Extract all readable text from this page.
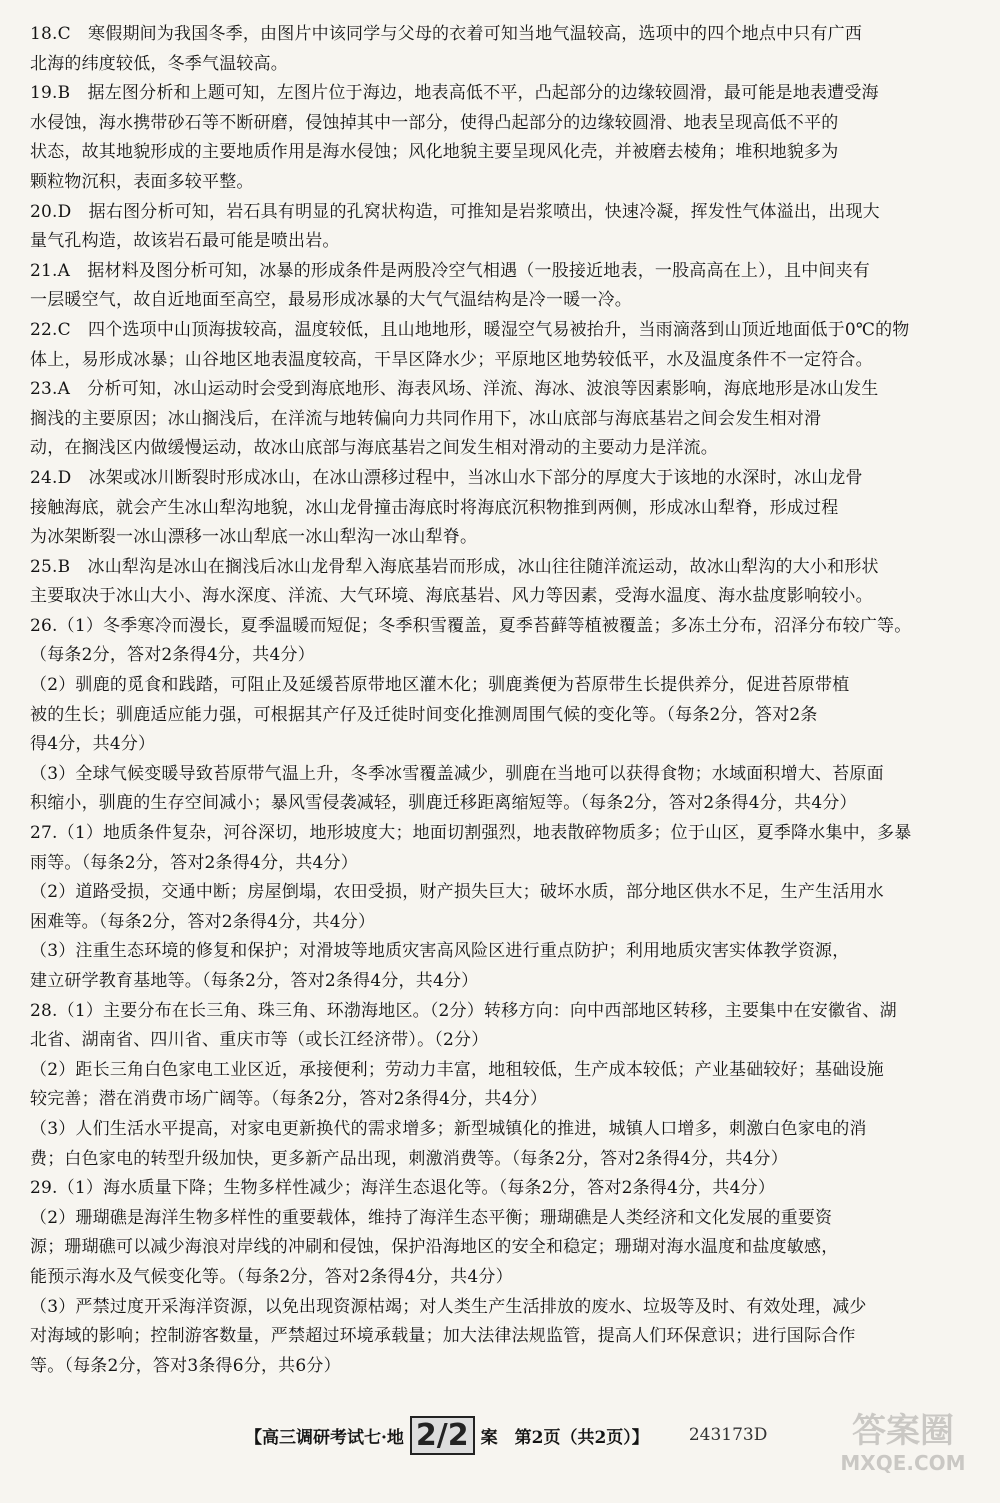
18.C　寒假期间为我国冬季，由图片中该同学与父母的衣着可知当地气温较高，选项中的四个地点中只有广西

北海的纬度较低，冬季气温较高。

19.B　据左图分析和上题可知，左图片位于海边，地表高低不平，凸起部分的边缘较圆滑，最可能是地表遭受海

水侵蚀，海水携带砂石等不断研磨，侵蚀掉其中一部分，使得凸起部分的边缘较圆滑、地表呈现高低不平的

状态，故其地貌形成的主要地质作用是海水侵蚀；风化地貌主要呈现风化壳，并被磨去棱角；堆积地貌多为

颗粒物沉积，表面多较平整。

20.D　据右图分析可知，岩石具有明显的孔窝状构造，可推知是岩浆喷出，快速冷凝，挥发性气体溢出，出现大

量气孔构造，故该岩石最可能是喷出岩。

21.A　据材料及图分析可知，冰暴的形成条件是两股冷空气相遇（一股接近地表，一股高高在上），且中间夹有

一层暖空气，故自近地面至高空，最易形成冰暴的大气气温结构是冷一暖一冷。

22.C　四个选项中山顶海拔较高，温度较低，且山地地形，暖湿空气易被抬升，当雨滴落到山顶近地面低于0℃的物

体上，易形成冰暴；山谷地区地表温度较高，干旱区降水少；平原地区地势较低平，水及温度条件不一定符合。

23.A　分析可知，冰山运动时会受到海底地形、海表风场、洋流、海冰、波浪等因素影响，海底地形是冰山发生

搁浅的主要原因；冰山搁浅后，在洋流与地转偏向力共同作用下，冰山底部与海底基岩之间会发生相对滑

动，在搁浅区内做缓慢运动，故冰山底部与海底基岩之间发生相对滑动的主要动力是洋流。

24.D　冰架或冰川断裂时形成冰山，在冰山漂移过程中，当冰山水下部分的厚度大于该地的水深时，冰山龙骨

接触海底，就会产生冰山犁沟地貌，冰山龙骨撞击海底时将海底沉积物推到两侧，形成冰山犁脊，形成过程

为冰架断裂一冰山漂移一冰山犁底一冰山犁沟一冰山犁脊。

25.B　冰山犁沟是冰山在搁浅后冰山龙骨犁入海底基岩而形成，冰山往往随洋流运动，故冰山犁沟的大小和形状

主要取决于冰山大小、海水深度、洋流、大气环境、海底基岩、风力等因素，受海水温度、海水盐度影响较小。

26.（1）冬季寒冷而漫长，夏季温暖而短促；冬季积雪覆盖，夏季苔藓等植被覆盖；多冻土分布，沼泽分布较广等。

（每条2分，答对2条得4分，共4分）

（2）驯鹿的觅食和践踏，可阻止及延缓苔原带地区灌木化；驯鹿粪便为苔原带生长提供养分，促进苔原带植

被的生长；驯鹿适应能力强，可根据其产仔及迁徙时间变化推测周围气候的变化等。（每条2分，答对2条

得4分，共4分）

（3）全球气候变暖导致苔原带气温上升，冬季冰雪覆盖减少，驯鹿在当地可以获得食物；水域面积增大、苔原面

积缩小，驯鹿的生存空间减小；暴风雪侵袭减轻，驯鹿迁移距离缩短等。（每条2分，答对2条得4分，共4分）

27.（1）地质条件复杂，河谷深切，地形坡度大；地面切割强烈，地表散碎物质多；位于山区，夏季降水集中，多暴

雨等。（每条2分，答对2条得4分，共4分）

（2）道路受损，交通中断；房屋倒塌，农田受损，财产损失巨大；破坏水质，部分地区供水不足，生产生活用水

困难等。（每条2分，答对2条得4分，共4分）

（3）注重生态环境的修复和保护；对滑坡等地质灾害高风险区进行重点防护；利用地质灾害实体教学资源，

建立研学教育基地等。（每条2分，答对2条得4分，共4分）

28.（1）主要分布在长三角、珠三角、环渤海地区。（2分）转移方向：向中西部地区转移，主要集中在安徽省、湖

北省、湖南省、四川省、重庆市等（或长江经济带）。（2分）

（2）距长三角白色家电工业区近，承接便利；劳动力丰富，地租较低，生产成本较低；产业基础较好；基础设施

较完善；潜在消费市场广阔等。（每条2分，答对2条得4分，共4分）

（3）人们生活水平提高，对家电更新换代的需求增多；新型城镇化的推进，城镇人口增多，刺激白色家电的消

费；白色家电的转型升级加快，更多新产品出现，刺激消费等。（每条2分，答对2条得4分，共4分）

29.（1）海水质量下降；生物多样性减少；海洋生态退化等。（每条2分，答对2条得4分，共4分）

（2）珊瑚礁是海洋生物多样性的重要载体，维持了海洋生态平衡；珊瑚礁是人类经济和文化发展的重要资

源；珊瑚礁可以减少海浪对岸线的冲刷和侵蚀，保护沿海地区的安全和稳定；珊瑚对海水温度和盐度敏感，

能预示海水及气候变化等。（每条2分，答对2条得4分，共4分）

（3）严禁过度开采海洋资源，以免出现资源枯竭；对人类生产生活排放的废水、垃圾等及时、有效处理，减少

对海域的影响；控制游客数量，严禁超过环境承载量；加大法律法规监管，提高人们环保意识；进行国际合作

等。（每条2分，答对3条得6分，共6分）

【高三调研考试七·地 2/2 案　第2页（共2页）】 243173D	答案圈
MXQE.COM
